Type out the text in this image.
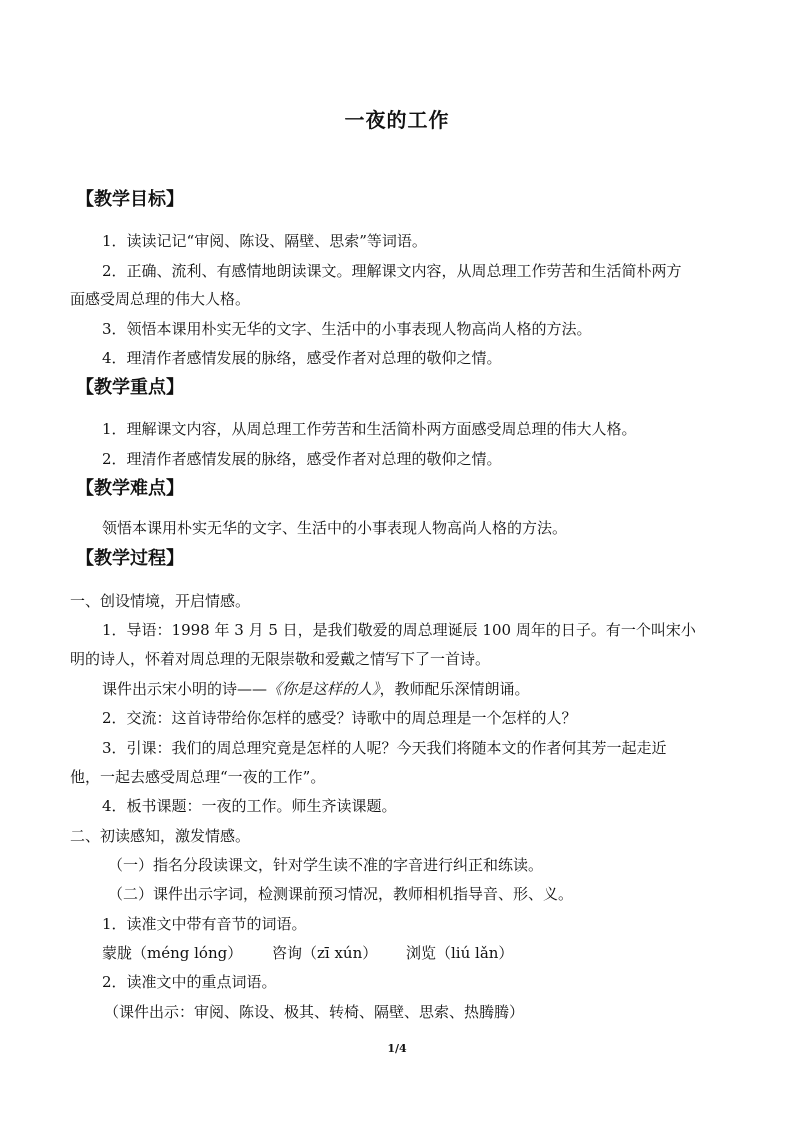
一夜的工作
【教学目标】
1．读读记记“审阅、陈设、隔壁、思索”等词语。
2．正确、流利、有感情地朗读课文。理解课文内容，从周总理工作劳苦和生活简朴两方
面感受周总理的伟大人格。
3．领悟本课用朴实无华的文字、生活中的小事表现人物高尚人格的方法。
4．理清作者感情发展的脉络，感受作者对总理的敬仰之情。
【教学重点】
1．理解课文内容，从周总理工作劳苦和生活简朴两方面感受周总理的伟大人格。
2．理清作者感情发展的脉络，感受作者对总理的敬仰之情。
【教学难点】
领悟本课用朴实无华的文字、生活中的小事表现人物高尚人格的方法。
【教学过程】
一、创设情境，开启情感。
1．导语：1998 年 3 月 5 日，是我们敬爱的周总理诞辰 100 周年的日子。有一个叫宋小
明的诗人，怀着对周总理的无限崇敬和爱戴之情写下了一首诗。
课件出示宋小明的诗——《你是这样的人》，教师配乐深情朗诵。
2．交流：这首诗带给你怎样的感受？诗歌中的周总理是一个怎样的人？
3．引课：我们的周总理究竟是怎样的人呢？今天我们将随本文的作者何其芳一起走近
他，一起去感受周总理“一夜的工作”。
4．板书课题：一夜的工作。师生齐读课题。
二、初读感知，激发情感。
（一）指名分段读课文，针对学生读不准的字音进行纠正和练读。
（二）课件出示字词，检测课前预习情况，教师相机指导音、形、义。
1．读准文中带有音节的词语。
蒙胧（méng lóng） 咨询（zī xún） 浏览（liú lǎn）
2．读准文中的重点词语。
（课件出示：审阅、陈设、极其、转椅、隔壁、思索、热腾腾）
1/4
